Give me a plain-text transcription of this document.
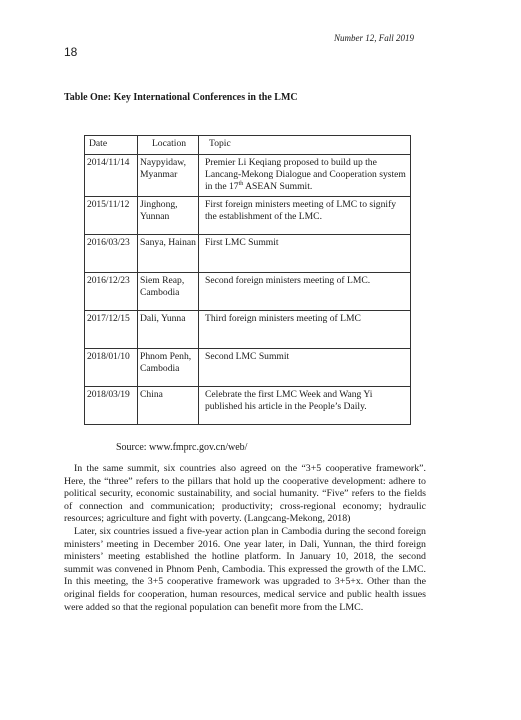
Number 12, Fall 2019
18
Table One: Key International Conferences in the LMC
Date	Location	Topic
2014/11/14	Naypyidaw, Myanmar	Premier Li Keqiang proposed to build up the Lancang-Mekong Dialogue and Cooperation system in the 17th ASEAN Summit.
2015/11/12	Jinghong, Yunnan	First foreign ministers meeting of LMC to signify the establishment of the LMC.
2016/03/23	Sanya, Hainan	First LMC Summit
2016/12/23	Siem Reap, Cambodia	Second foreign ministers meeting of LMC.
2017/12/15	Dali, Yunna	Third foreign ministers meeting of LMC
2018/01/10	Phnom Penh, Cambodia	Second LMC Summit
2018/03/19	China	Celebrate the first LMC Week and Wang Yi published his article in the People’s Daily.
Source: www.fmprc.gov.cn/web/

In the same summit, six countries also agreed on the “3+5 cooperative framework”. Here, the “three” refers to the pillars that hold up the cooperative development: adhere to political security, economic sustainability, and social humanity. “Five” refers to the fields of connection and communication; productivity; cross-regional economy; hydraulic resources; agriculture and fight with poverty. (Langcang-Mekong, 2018)

Later, six countries issued a five-year action plan in Cambodia during the second foreign ministers’ meeting in December 2016. One year later, in Dali, Yunnan, the third foreign ministers’ meeting established the hotline platform. In January 10, 2018, the second summit was convened in Phnom Penh, Cambodia. This expressed the growth of the LMC. In this meeting, the 3+5 cooperative framework was upgraded to 3+5+x. Other than the original fields for cooperation, human resources, medical service and public health issues were added so that the regional population can benefit more from the LMC.
